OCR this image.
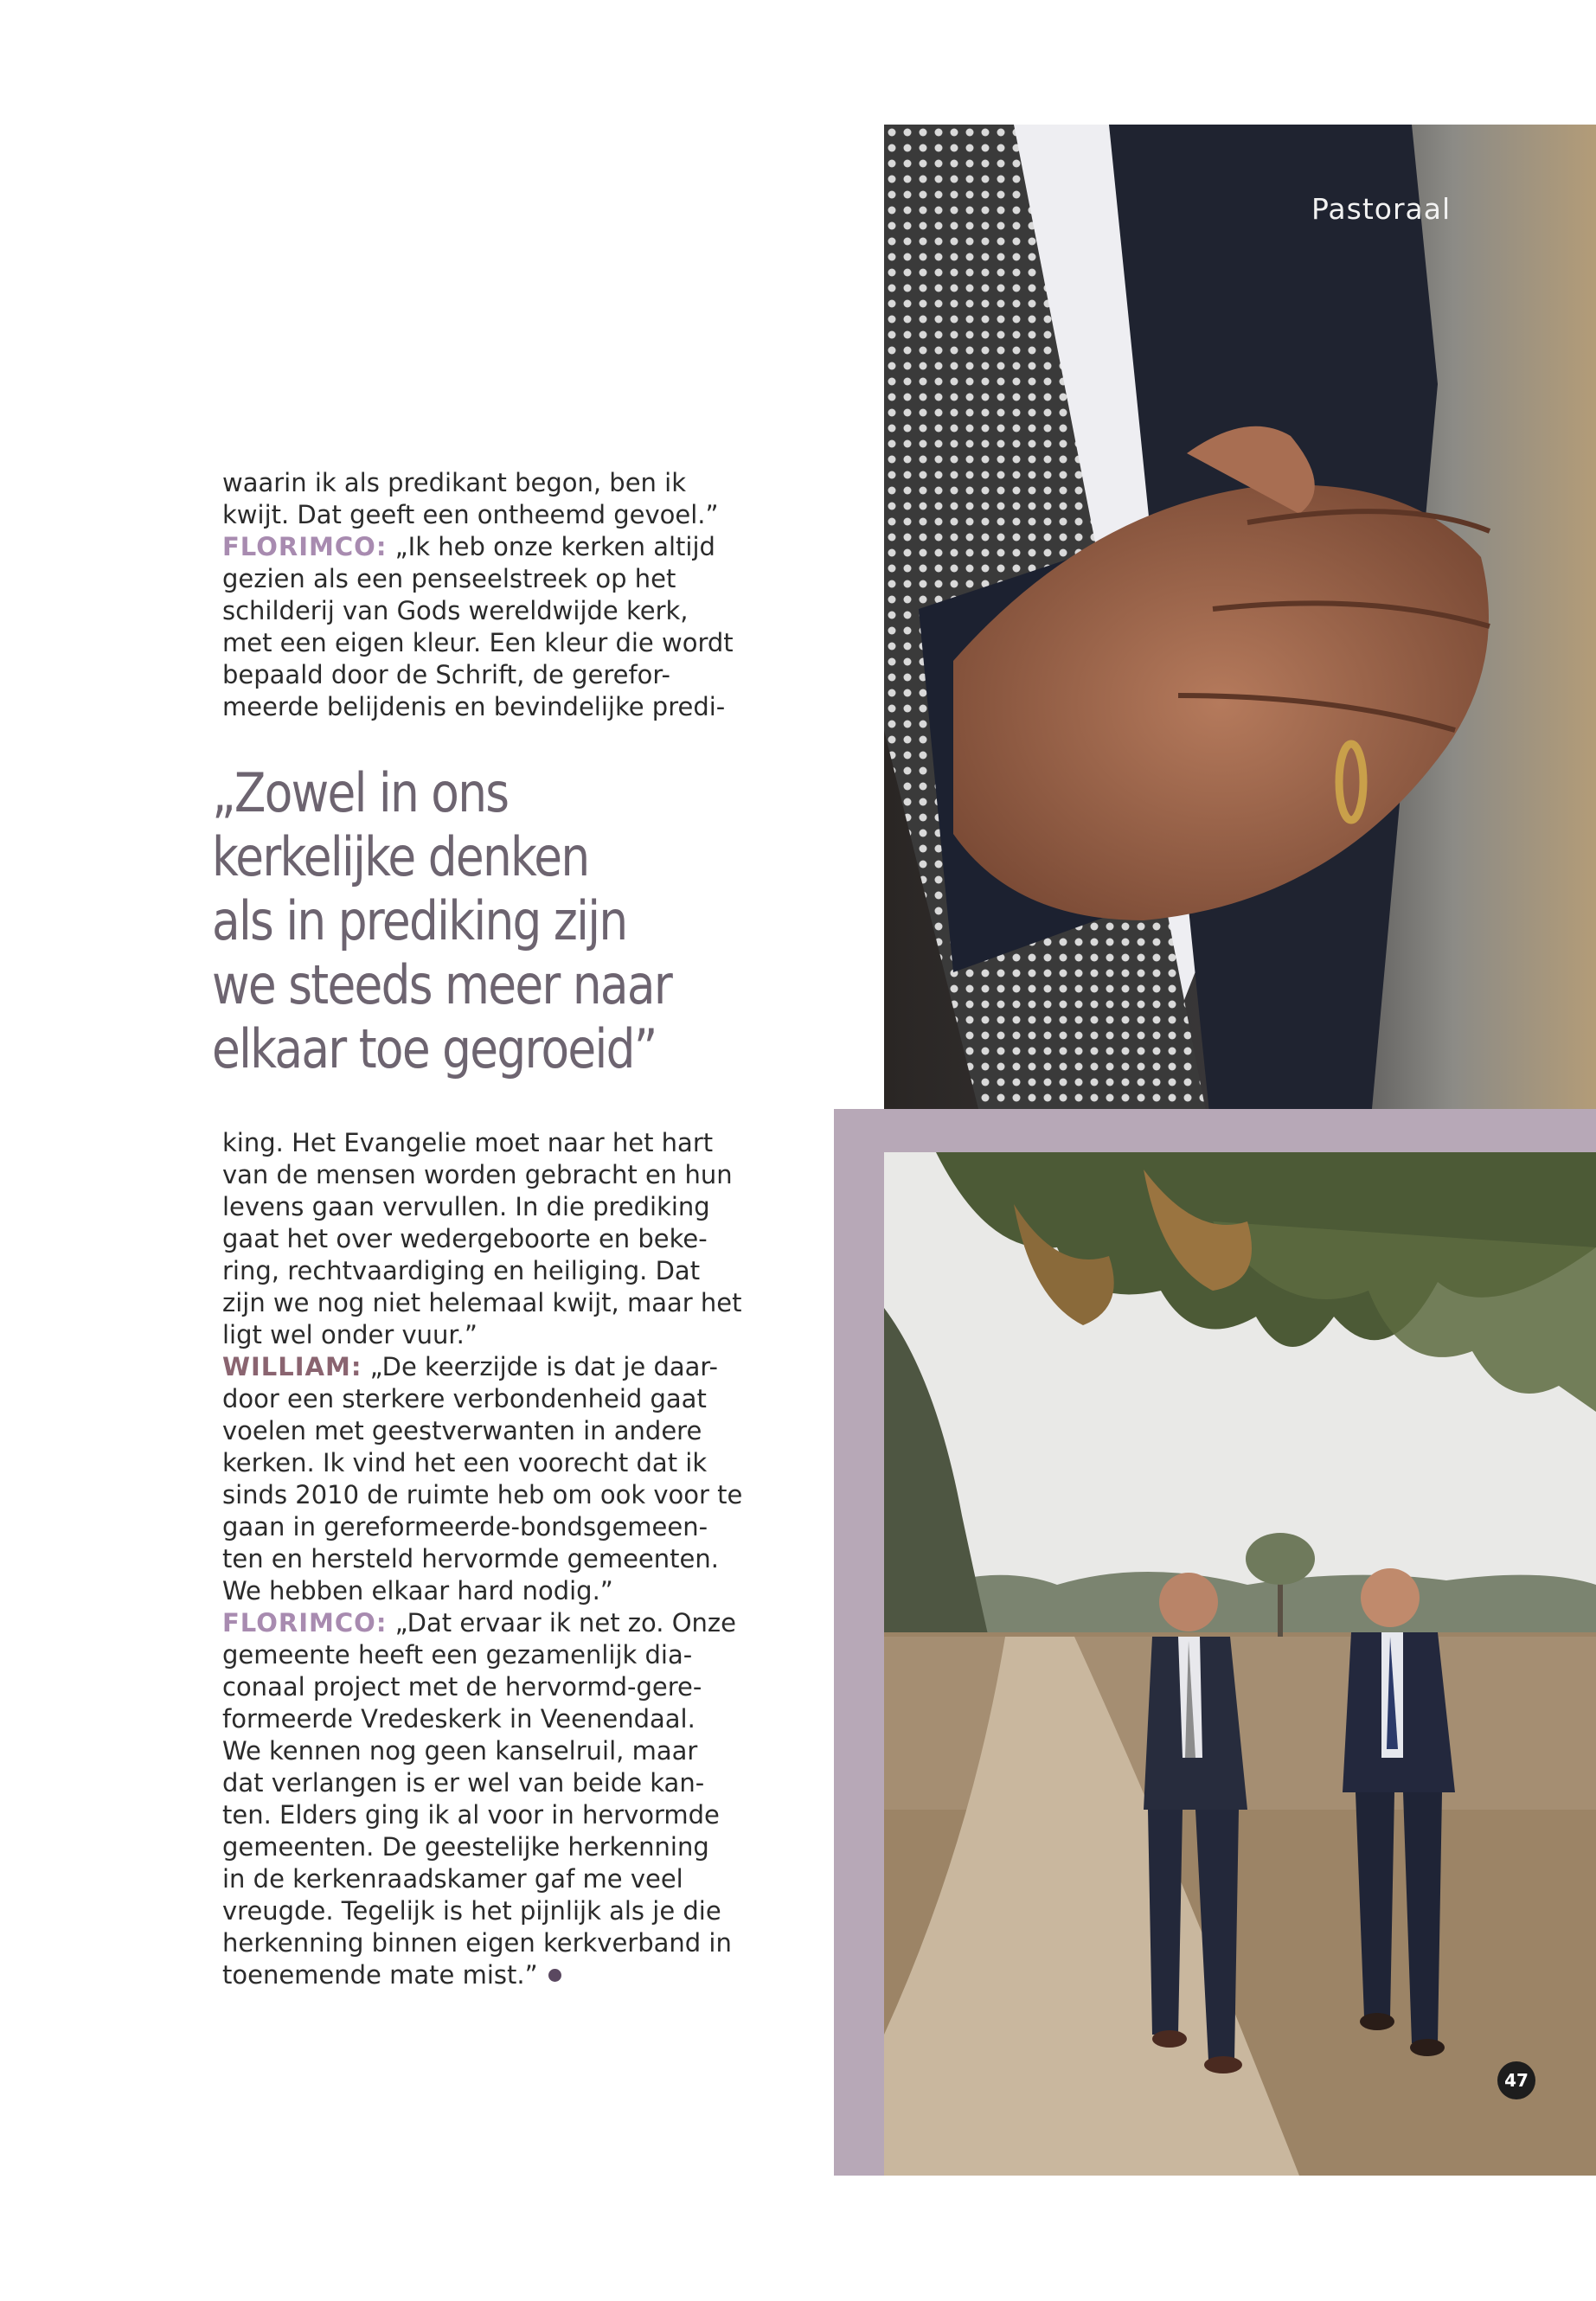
Pastoraal
47
waarin ik als predikant begon, ben ik
kwijt. Dat geeft een ontheemd gevoel.”
FLORIMCO: „Ik heb onze kerken altijd
gezien als een penseelstreek op het
schilderij van Gods wereldwijde kerk,
met een eigen kleur. Een kleur die wordt
bepaald door de Schrift, de gerefor-
meerde belijdenis en bevindelijke predi-
„Zowel in ons
kerkelijke denken
als in prediking zijn
we steeds meer naar
elkaar toe gegroeid”
king. Het Evangelie moet naar het hart
van de mensen worden gebracht en hun
levens gaan vervullen. In die prediking
gaat het over wedergeboorte en beke-
ring, rechtvaardiging en heiliging. Dat
zijn we nog niet helemaal kwijt, maar het
ligt wel onder vuur.”
WILLIAM: „De keerzijde is dat je daar-
door een sterkere verbondenheid gaat
voelen met geestverwanten in andere
kerken. Ik vind het een voorecht dat ik
sinds 2010 de ruimte heb om ook voor te
gaan in gereformeerde-bondsgemeen-
ten en hersteld hervormde gemeenten.
We hebben elkaar hard nodig.”
FLORIMCO: „Dat ervaar ik net zo. Onze
gemeente heeft een gezamenlijk dia-
conaal project met de hervormd-gere-
formeerde Vredeskerk in Veenendaal.
We kennen nog geen kanselruil, maar
dat verlangen is er wel van beide kan-
ten. Elders ging ik al voor in hervormde
gemeenten. De geestelijke herkenning
in de kerkenraadskamer gaf me veel
vreugde. Tegelijk is het pijnlijk als je die
herkenning binnen eigen kerkverband in
toenemende mate mist.”
